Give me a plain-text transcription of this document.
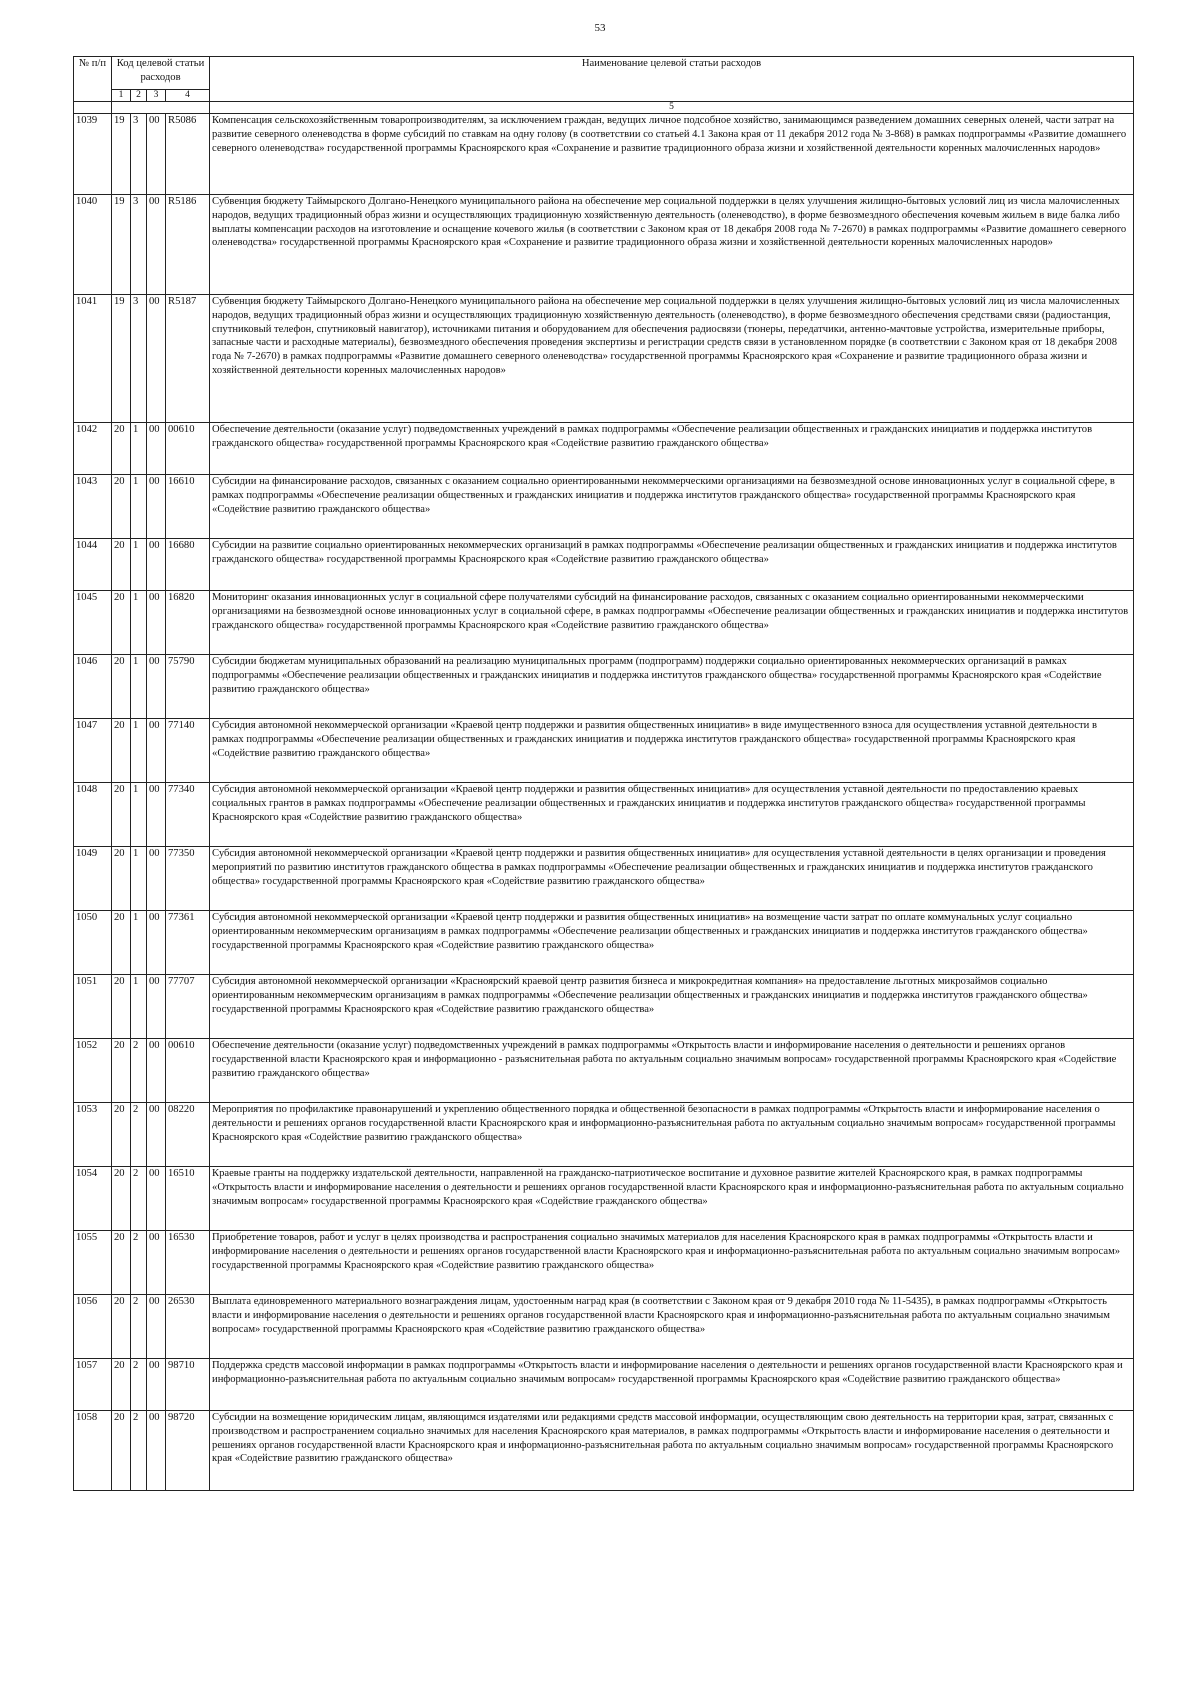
53
№ п/п	Код целевой статьи расходов				Наименование целевой статьи расходов
	1	2	3	4	
					5
1039	19	3	00	R5086	Компенсация сельскохозяйственным товаропроизводителям, за исключением граждан, ведущих личное подсобное хозяйство, занимающимся разведением домашних северных оленей, части затрат на развитие северного оленеводства в форме субсидий по ставкам на одну голову (в соответствии со статьей 4.1 Закона края от 11 декабря 2012 года № 3-868) в рамках подпрограммы «Развитие домашнего северного оленеводства» государственной программы Красноярского края «Сохранение и развитие традиционного образа жизни и хозяйственной деятельности коренных малочисленных народов»
1040	19	3	00	R5186	Субвенция бюджету Таймырского Долгано-Ненецкого муниципального района на обеспечение мер социальной поддержки в целях улучшения жилищно-бытовых условий лиц из числа малочисленных народов, ведущих традиционный образ жизни и осуществляющих традиционную хозяйственную деятельность (оленеводство), в форме безвозмездного обеспечения кочевым жильем в виде балка либо выплаты компенсации расходов на изготовление и оснащение кочевого жилья (в соответствии с Законом края от 18 декабря 2008 года № 7-2670) в рамках подпрограммы «Развитие домашнего северного оленеводства» государственной программы Красноярского края «Сохранение и развитие традиционного образа жизни и хозяйственной деятельности коренных малочисленных народов»
1041	19	3	00	R5187	Субвенция бюджету Таймырского Долгано-Ненецкого муниципального района на обеспечение мер социальной поддержки в целях улучшения жилищно-бытовых условий лиц из числа малочисленных народов, ведущих традиционный образ жизни и осуществляющих традиционную хозяйственную деятельность (оленеводство), в форме безвозмездного обеспечения средствами связи (радиостанция, спутниковый телефон, спутниковый навигатор), источниками питания и оборудованием для обеспечения радиосвязи (тюнеры, передатчики, антенно-мачтовые устройства, измерительные приборы, запасные части и расходные материалы), безвозмездного обеспечения проведения экспертизы и регистрации средств связи в установленном порядке (в соответствии с Законом края от 18 декабря 2008 года № 7-2670) в рамках подпрограммы «Развитие домашнего северного оленеводства» государственной программы Красноярского края «Сохранение и развитие традиционного образа жизни и хозяйственной деятельности коренных малочисленных народов»
1042	20	1	00	00610	Обеспечение деятельности (оказание услуг) подведомственных учреждений в рамках подпрограммы «Обеспечение реализации общественных и гражданских инициатив и поддержка институтов гражданского общества» государственной программы Красноярского края «Содействие развитию гражданского общества»
1043	20	1	00	16610	Субсидии на финансирование расходов, связанных с оказанием социально ориентированными некоммерческими организациями на безвозмездной основе инновационных услуг в социальной сфере, в рамках подпрограммы «Обеспечение реализации общественных и гражданских инициатив и поддержка институтов гражданского общества» государственной программы Красноярского края «Содействие развитию гражданского общества»
1044	20	1	00	16680	Субсидии на развитие социально ориентированных некоммерческих организаций в рамках подпрограммы «Обеспечение реализации общественных и гражданских инициатив и поддержка институтов гражданского общества» государственной программы Красноярского края «Содействие развитию гражданского общества»
1045	20	1	00	16820	Мониторинг оказания инновационных услуг в социальной сфере получателями субсидий на финансирование расходов, связанных с оказанием социально ориентированными некоммерческими организациями на безвозмездной основе инновационных услуг в социальной сфере, в рамках подпрограммы «Обеспечение реализации общественных и гражданских инициатив и поддержка институтов гражданского общества» государственной программы Красноярского края «Содействие развитию гражданского общества»
1046	20	1	00	75790	Субсидии бюджетам муниципальных образований на реализацию муниципальных программ (подпрограмм) поддержки социально ориентированных некоммерческих организаций в рамках подпрограммы «Обеспечение реализации общественных и гражданских инициатив и поддержка институтов гражданского общества» государственной программы Красноярского края «Содействие развитию гражданского общества»
1047	20	1	00	77140	Субсидия автономной некоммерческой организации «Краевой центр поддержки и развития общественных инициатив» в виде имущественного взноса для осуществления уставной деятельности в рамках подпрограммы «Обеспечение реализации общественных и гражданских инициатив и поддержка институтов гражданского общества» государственной программы Красноярского края «Содействие развитию гражданского общества»
1048	20	1	00	77340	Субсидия автономной некоммерческой организации «Краевой центр поддержки и развития общественных инициатив» для осуществления уставной деятельности по предоставлению краевых социальных грантов в рамках подпрограммы «Обеспечение реализации общественных и гражданских инициатив и поддержка институтов гражданского общества» государственной программы Красноярского края «Содействие развитию гражданского общества»
1049	20	1	00	77350	Субсидия автономной некоммерческой организации «Краевой центр поддержки и развития общественных инициатив» для осуществления уставной деятельности в целях организации и проведения мероприятий по развитию институтов гражданского общества в рамках подпрограммы «Обеспечение реализации общественных и гражданских инициатив и поддержка институтов гражданского общества» государственной программы Красноярского края «Содействие развитию гражданского общества»
1050	20	1	00	77361	Субсидия автономной некоммерческой организации «Краевой центр поддержки и развития общественных инициатив» на возмещение части затрат по оплате коммунальных услуг социально ориентированным некоммерческим организациям в рамках подпрограммы «Обеспечение реализации общественных и гражданских инициатив и поддержка институтов гражданского общества» государственной программы Красноярского края «Содействие развитию гражданского общества»
1051	20	1	00	77707	Субсидия автономной некоммерческой организации «Красноярский краевой центр развития бизнеса и микрокредитная компания» на предоставление льготных микрозаймов социально ориентированным некоммерческим организациям в рамках подпрограммы «Обеспечение реализации общественных и гражданских инициатив и поддержка институтов гражданского общества» государственной программы Красноярского края «Содействие развитию гражданского общества»
1052	20	2	00	00610	Обеспечение деятельности (оказание услуг) подведомственных учреждений в рамках подпрограммы «Открытость власти и информирование населения о деятельности и решениях органов государственной власти Красноярского края и информационно - разъяснительная работа по актуальным социально значимым вопросам» государственной программы Красноярского края «Содействие развитию гражданского общества»
1053	20	2	00	08220	Мероприятия по профилактике правонарушений и укреплению общественного порядка и общественной безопасности в рамках подпрограммы «Открытость власти и информирование населения о деятельности и решениях органов государственной власти Красноярского края и информационно-разъяснительная работа по актуальным социально значимым вопросам» государственной программы Красноярского края «Содействие развитию гражданского общества»
1054	20	2	00	16510	Краевые гранты на поддержку издательской деятельности, направленной на гражданско-патриотическое воспитание и духовное развитие жителей Красноярского края, в рамках подпрограммы «Открытость власти и информирование населения о деятельности и решениях органов государственной власти Красноярского края и информационно-разъяснительная работа по актуальным социально значимым вопросам» государственной программы Красноярского края «Содействие гражданского общества»
1055	20	2	00	16530	Приобретение товаров, работ и услуг в целях производства и распространения социально значимых материалов для населения Красноярского края в рамках подпрограммы «Открытость власти и информирование населения о деятельности и решениях органов государственной власти Красноярского края и информационно-разъяснительная работа по актуальным социально значимым вопросам» государственной программы Красноярского края «Содействие развитию гражданского общества»
1056	20	2	00	26530	Выплата единовременного материального вознаграждения лицам, удостоенным наград края (в соответствии с Законом края от 9 декабря 2010 года № 11-5435), в рамках подпрограммы «Открытость власти и информирование населения о деятельности и решениях органов государственной власти Красноярского края и информационно-разъяснительная работа по актуальным социально значимым вопросам» государственной программы Красноярского края «Содействие развитию гражданского общества»
1057	20	2	00	98710	Поддержка средств массовой информации в рамках подпрограммы «Открытость власти и информирование населения о деятельности и решениях органов государственной власти Красноярского края и информационно-разъяснительная работа по актуальным социально значимым вопросам» государственной программы Красноярского края «Содействие развитию гражданского общества»
1058	20	2	00	98720	Субсидии на возмещение юридическим лицам, являющимся издателями или редакциями средств массовой информации, осуществляющим свою деятельность на территории края, затрат, связанных с производством и распространением социально значимых для населения Красноярского края материалов, в рамках подпрограммы «Открытость власти и информирование населения о деятельности и решениях органов государственной власти Красноярского края и информационно-разъяснительная работа по актуальным социально значимым вопросам» государственной программы Красноярского края «Содействие развитию гражданского общества»
